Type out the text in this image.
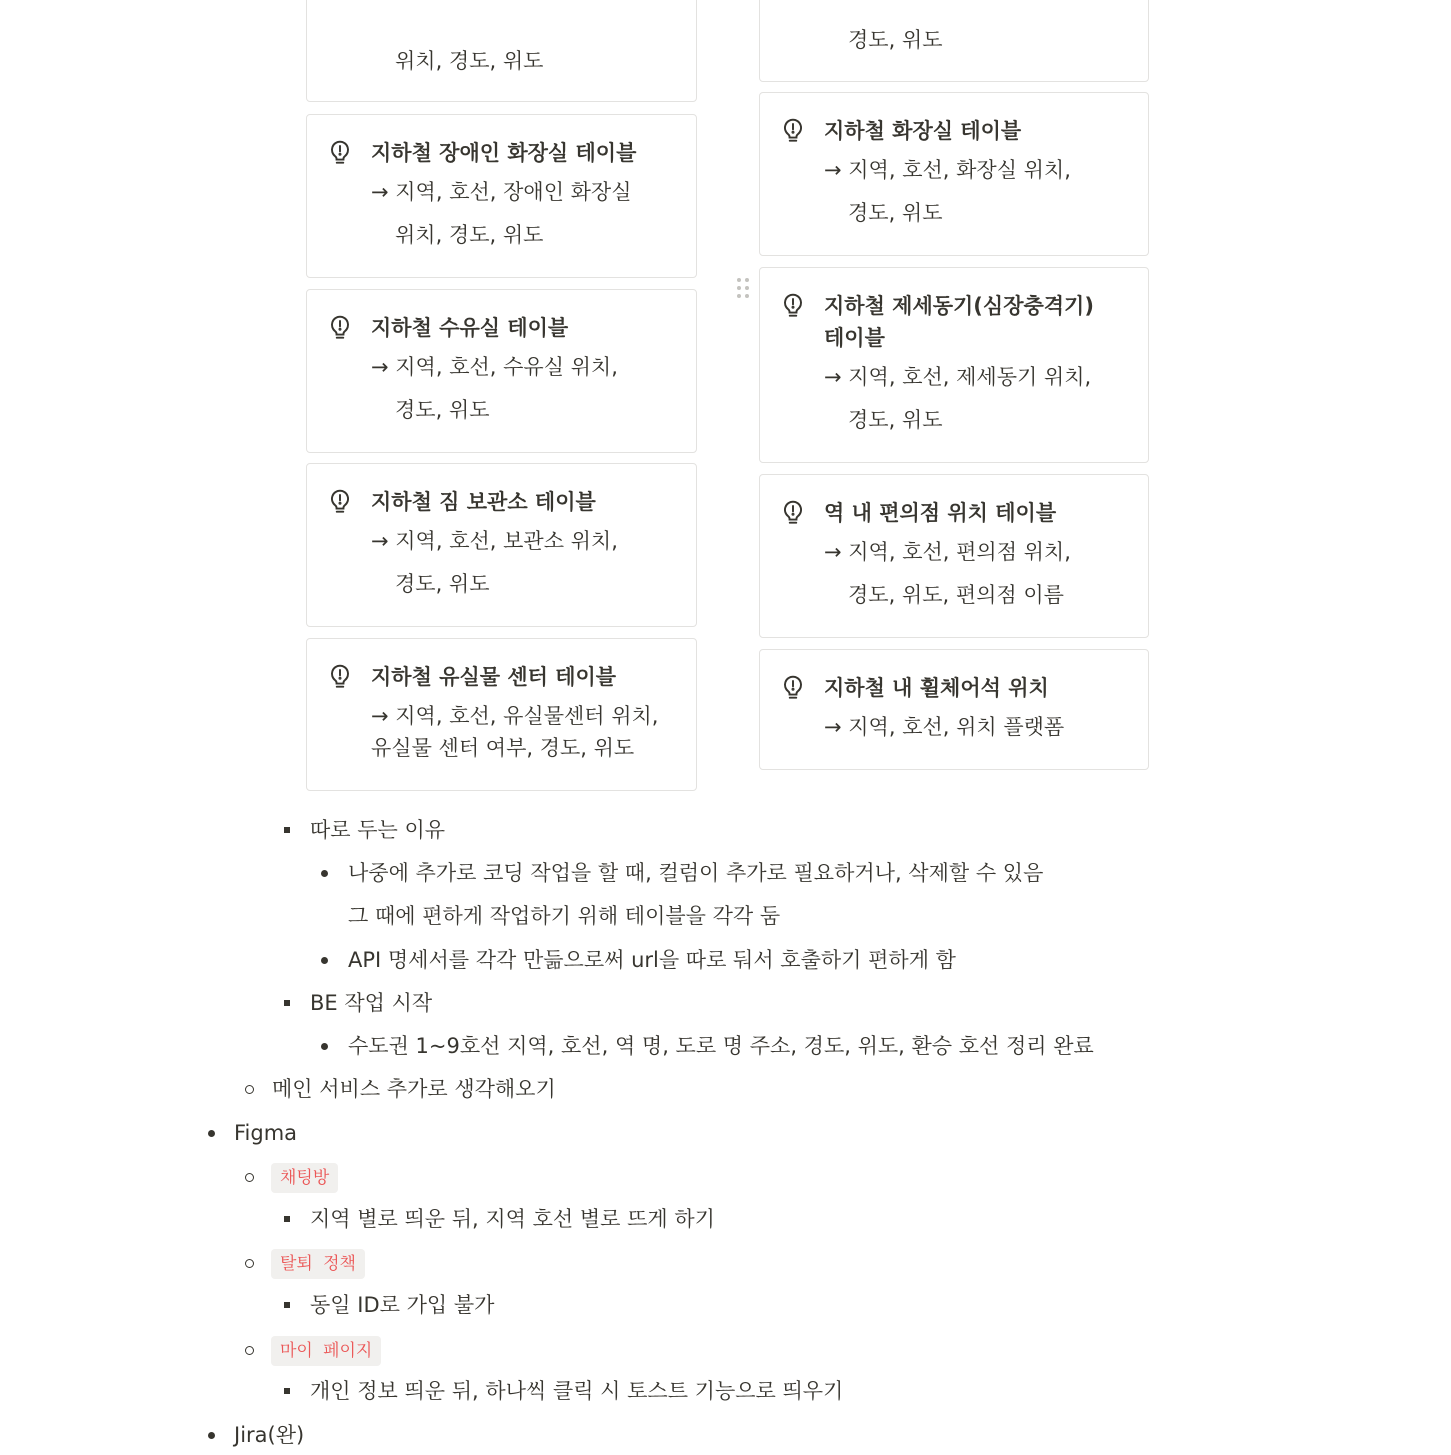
위치, 경도, 위도
지하철 장애인 화장실 테이블
→ 지역, 호선, 장애인 화장실
위치, 경도, 위도
지하철 수유실 테이블
→ 지역, 호선, 수유실 위치,
경도, 위도
지하철 짐 보관소 테이블
→ 지역, 호선, 보관소 위치,
경도, 위도
지하철 유실물 센터 테이블
→ 지역, 호선, 유실물센터 위치,
유실물 센터 여부, 경도, 위도
경도, 위도
지하철 화장실 테이블
→ 지역, 호선, 화장실 위치,
경도, 위도
지하철 제세동기(심장충격기) 테이블
→ 지역, 호선, 제세동기 위치,
경도, 위도
역 내 편의점 위치 테이블
→ 지역, 호선, 편의점 위치,
경도, 위도, 편의점 이름
지하철 내 휠체어석 위치
→ 지역, 호선, 위치 플랫폼
따로 두는 이유
나중에 추가로 코딩 작업을 할 때, 컬럼이 추가로 필요하거나, 삭제할 수 있음
그 때에 편하게 작업하기 위해 테이블을 각각 둠
API 명세서를 각각 만듦으로써 url을 따로 둬서 호출하기 편하게 함
BE 작업 시작
수도권 1~9호선 지역, 호선, 역 명, 도로 명 주소, 경도, 위도, 환승 호선 정리 완료
메인 서비스 추가로 생각해오기
Figma
채팅방
지역 별로 띄운 뒤, 지역 호선 별로 뜨게 하기
탈퇴 정책
동일 ID로 가입 불가
마이 페이지
개인 정보 띄운 뒤, 하나씩 클릭 시 토스트 기능으로 띄우기
Jira(완)
